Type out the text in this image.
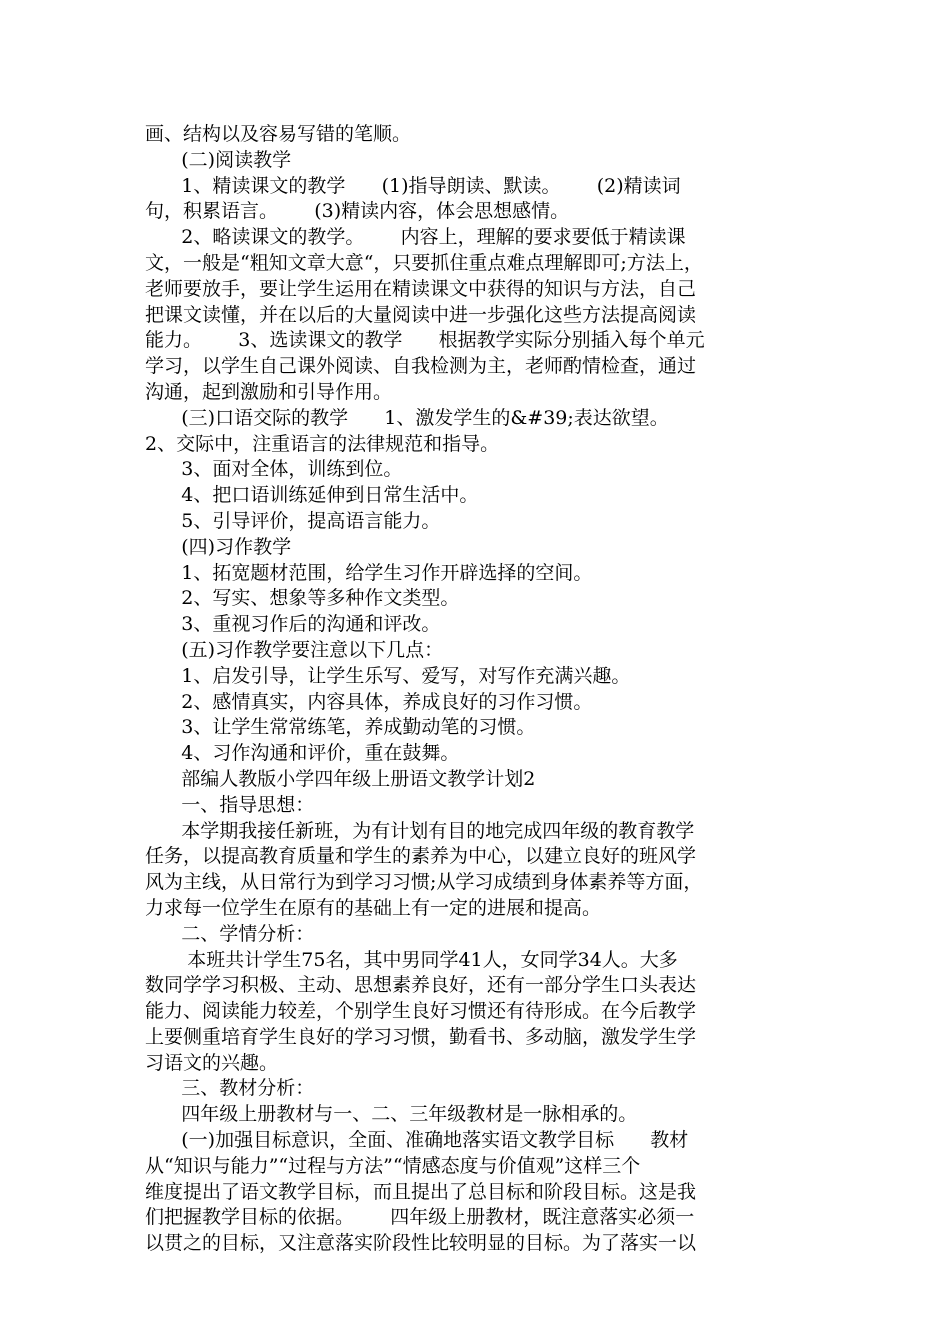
画、结构以及容易写错的笔顺。
(二)阅读教学
1、精读课文的教学      (1)指导朗读、默读。      (2)精读词
句，积累语言。      (3)精读内容，体会思想感情。
2、略读课文的教学。      内容上，理解的要求要低于精读课
文，一般是“粗知文章大意“，只要抓住重点难点理解即可;方法上，
老师要放手，要让学生运用在精读课文中获得的知识与方法，自己
把课文读懂，并在以后的大量阅读中进一步强化这些方法提高阅读
能力。      3、选读课文的教学      根据教学实际分别插入每个单元
学习，以学生自己课外阅读、自我检测为主，老师酌情检查，通过
沟通，起到激励和引导作用。
(三)口语交际的教学      1、激发学生的&#39;表达欲望。
2、交际中，注重语言的法律规范和指导。
3、面对全体，训练到位。
4、把口语训练延伸到日常生活中。
5、引导评价，提高语言能力。
(四)习作教学
1、拓宽题材范围，给学生习作开辟选择的空间。
2、写实、想象等多种作文类型。
3、重视习作后的沟通和评改。
(五)习作教学要注意以下几点：
1、启发引导，让学生乐写、爱写，对写作充满兴趣。
2、感情真实，内容具体，养成良好的习作习惯。
3、让学生常常练笔，养成勤动笔的习惯。
4、习作沟通和评价，重在鼓舞。
部编人教版小学四年级上册语文教学计划2
一、指导思想：
本学期我接任新班，为有计划有目的地完成四年级的教育教学
任务，以提高教育质量和学生的素养为中心，以建立良好的班风学
风为主线，从日常行为到学习习惯;从学习成绩到身体素养等方面，
力求每一位学生在原有的基础上有一定的进展和提高。
二、学情分析：
本班共计学生75名，其中男同学41人，女同学34人。大多
数同学学习积极、主动、思想素养良好，还有一部分学生口头表达
能力、阅读能力较差，个别学生良好习惯还有待形成。在今后教学
上要侧重培育学生良好的学习习惯，勤看书、多动脑，激发学生学
习语文的兴趣。
三、教材分析：
四年级上册教材与一、二、三年级教材是一脉相承的。
(一)加强目标意识，全面、准确地落实语文教学目标      教材
从“知识与能力”“过程与方法”“情感态度与价值观”这样三个
维度提出了语文教学目标，而且提出了总目标和阶段目标。这是我
们把握教学目标的依据。      四年级上册教材，既注意落实必须一
以贯之的目标，又注意落实阶段性比较明显的目标。为了落实一以
